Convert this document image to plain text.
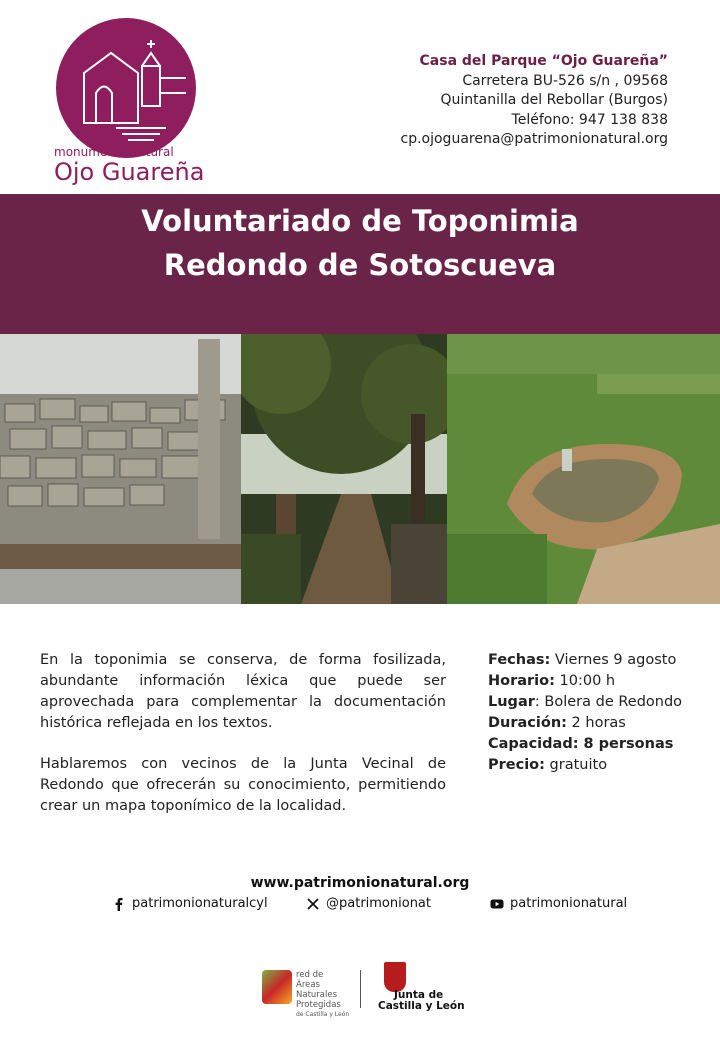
monumento natural
Ojo Guareña
Casa del Parque “Ojo Guareña”
Carretera BU-526 s/n , 09568
Quintanilla del Rebollar (Burgos)
Teléfono: 947 138 838
cp.ojoguarena@patrimonionatural.org
Voluntariado de Toponimia
Redondo de Sotoscueva

En la toponimia se conserva, de forma fosilizada, abundante información léxica que puede ser aprovechada para complementar la documentación histórica reflejada en los textos.

Hablaremos con vecinos de la Junta Vecinal de Redondo que ofrecerán su conocimiento, permitiendo crear un mapa toponímico de la localidad.

Fechas: Viernes 9 agosto
Horario: 10:00 h
Lugar: Bolera de Redondo
Duración: 2 horas
Capacidad: 8 personas
Precio: gratuito
www.patrimonionatural.org
patrimonionaturalcyl	@patrimonionat	patrimonionatural
red de
Áreas
Naturales
Protegidas
de Castilla y León
Junta de
Castilla y León
